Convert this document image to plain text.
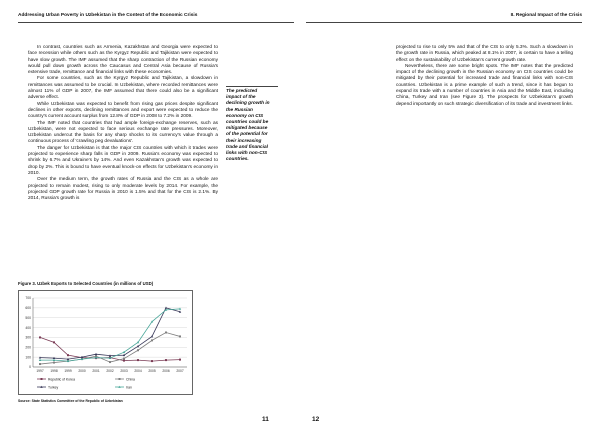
Addressing Urban Poverty in Uzbekistan in the Context of the Economic Crisis	II. Regional Impact of the Crisis

In contrast, countries such as Armenia, Kazakhstan and Georgia were expected to face recession while others such as the Kyrgyz Republic and Tajikistan were expected to have slow growth. The IMF assumed that the sharp contraction of the Russian economy would pull down growth across the Caucasus and Central Asia because of Russia's extensive trade, remittance and financial links with these economies.

For some countries, such as the Kyrgyz Republic and Tajikistan, a slowdown in remittances was assumed to be crucial. In Uzbekistan, where recorded remittances were almost 11% of GDP in 2007, the IMF assumed that there could also be a significant adverse effect.

While Uzbekistan was expected to benefit from rising gas prices despite significant declines in other exports, declining remittances and export were expected to reduce the country's current account surplus from 12.8% of GDP in 2008 to 7.2% in 2009.

The IMF noted that countries that had ample foreign-exchange reserves, such as Uzbekistan, were not expected to face serious exchange rate pressures. Moreover, Uzbekistan undercut the basis for any sharp shocks to its currency's value through a continuous process of 'crawling peg devaluations'.

The danger for Uzbekistan is that the major CIS countries with which it trades were projected to experience sharp falls in GDP in 2009. Russia's economy was expected to shrink by 6.7% and Ukraine's by 14%. And even Kazakhstan's growth was expected to drop by 2%. This is bound to have eventual knock-on effects for Uzbekistan's economy in 2010.

Over the medium term, the growth rates of Russia and the CIS as a whole are projected to remain modest, rising to only moderate levels by 2014. For example, the projected GDP growth rate for Russia in 2010 is 1.5% and that for the CIS is 2.1%. By 2014, Russia's growth is

The predicted impact of the declining growth in the Russian economy on CIS countries could be mitigated because of the potential for their increasing trade and financial links with non-CIS countries.

projected to rise to only 5% and that of the CIS to only 5.3%. Such a slowdown in the growth rate in Russia, which peaked at 8.1% in 2007, is certain to have a telling effect on the sustainability of Uzbekistan's current growth rate.

Nevertheless, there are some bright spots. The IMF notes that the predicted impact of the declining growth in the Russian economy on CIS countries could be mitigated by their potential for increased trade and financial links with non-CIS countries. Uzbekistan is a prime example of such a trend, since it has begun to expand its trade with a number of countries in Asia and the Middle East, including China, Turkey and Iran (see Figure 3). The prospects for Uzbekistan's growth depend importantly on such strategic diversification of its trade and investment links.

Figure 3. Uzbek Exports to Selected Countries (in millions of USD)
0
100
200
300
400
500
600
700
1997 1998 1999 2000 2001 2002 2003 2004 2005 2006 2007
Republic of Korea	China
Turkey	Iran
Source: State Statistics Committee of the Republic of Uzbekistan
11	12
